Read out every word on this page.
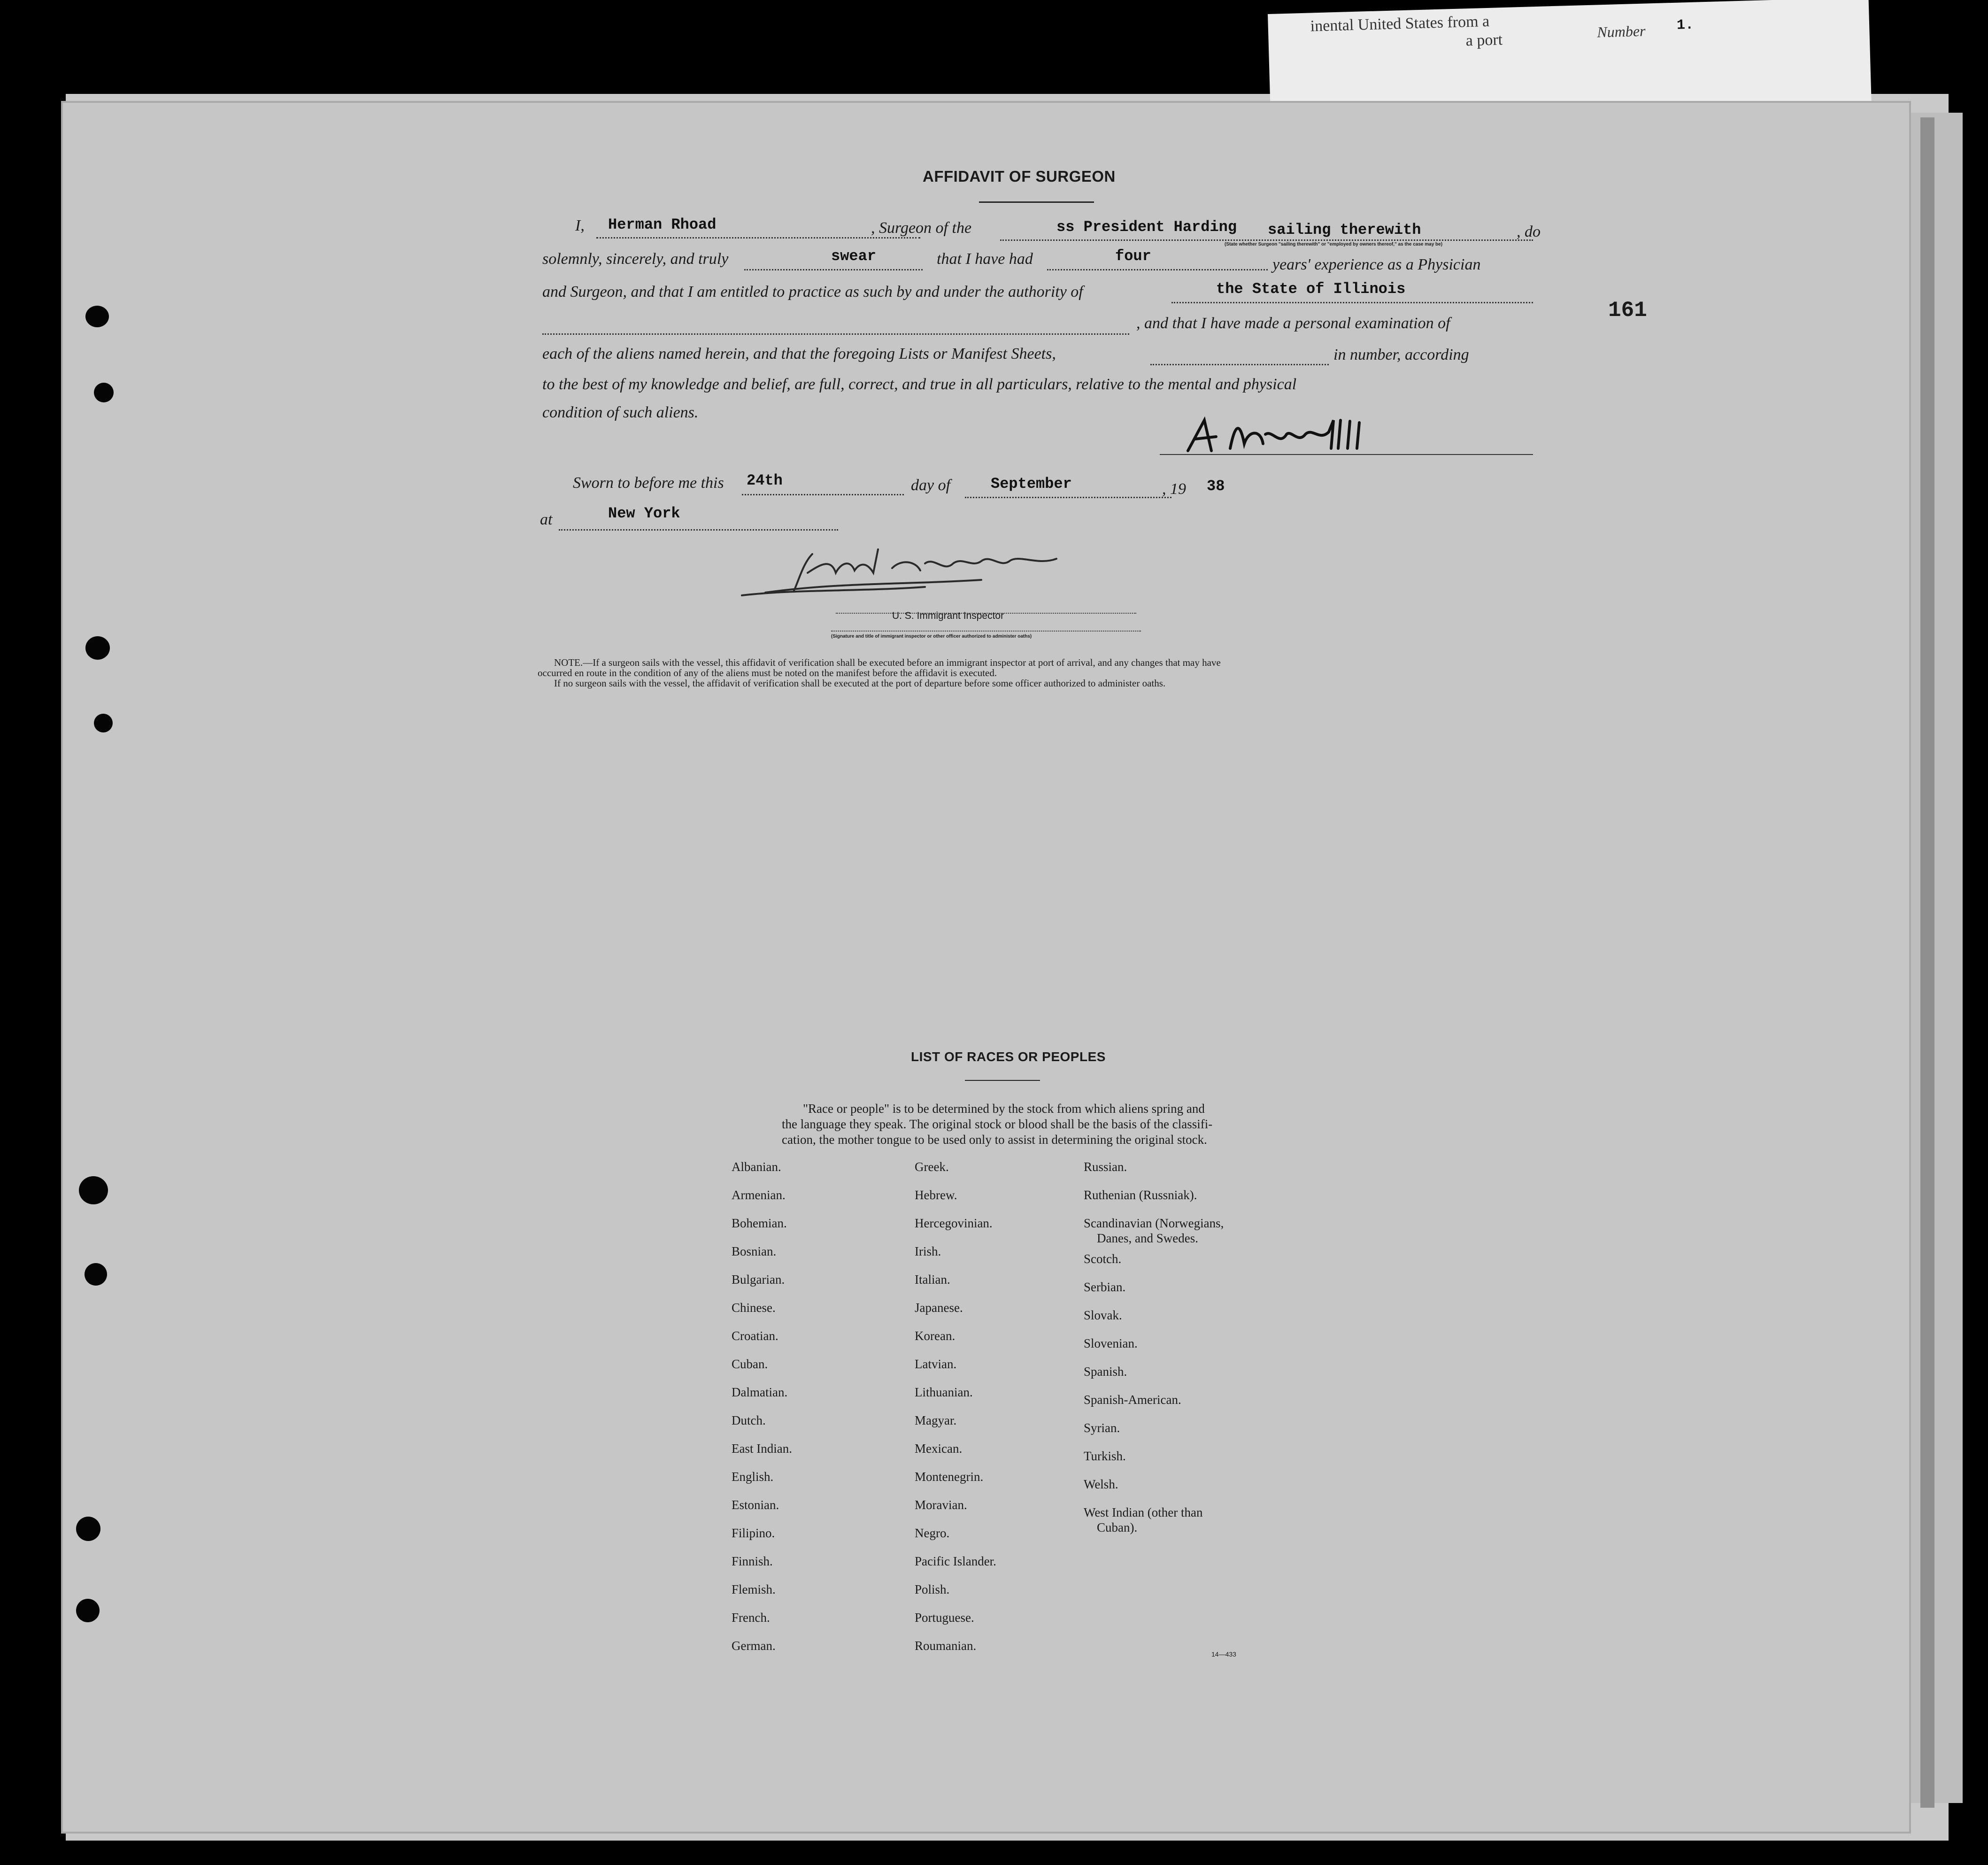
inental United States from a
a port	Number 1.
161
AFFIDAVIT OF SURGEON
I, Herman Rhoad	, Surgeon of the	ss President Harding sailing therewith	, do
(State whether Surgeon "sailing therewith" or "employed by owners thereof," as the case may be)
solemnly, sincerely, and truly	swear	that I have had	four	years' experience as a Physician
and Surgeon, and that I am entitled to practice as such by and under the authority of	the State of Illinois
, and that I have made a personal examination of
each of the aliens named herein, and that the foregoing Lists or Manifest Sheets,	in number, according
to the best of my knowledge and belief, are full, correct, and true in all particulars, relative to the mental and physical
condition of such aliens.
Sworn to before me this 24th	day of	September	, 19 38
at	New York
U. S. Immigrant Inspector
(Signature and title of immigrant inspector or other officer authorized to administer oaths)
NOTE.—If a surgeon sails with the vessel, this affidavit of verification shall be executed before an immigrant inspector at port of arrival, and any changes that may have
occurred en route in the condition of any of the aliens must be noted on the manifest before the affidavit is executed.
If no surgeon sails with the vessel, the affidavit of verification shall be executed at the port of departure before some officer authorized to administer oaths.
LIST OF RACES OR PEOPLES
"Race or people" is to be determined by the stock from which aliens spring and
the language they speak. The original stock or blood shall be the basis of the classifi-
cation, the mother tongue to be used only to assist in determining the original stock.
Albanian.
Armenian.
Bohemian.
Bosnian.
Bulgarian.
Chinese.
Croatian.
Cuban.
Dalmatian.
Dutch.
East Indian.
English.
Estonian.
Filipino.
Finnish.
Flemish.
French.
German.
Greek.
Hebrew.
Hercegovinian.
Irish.
Italian.
Japanese.
Korean.
Latvian.
Lithuanian.
Magyar.
Mexican.
Montenegrin.
Moravian.
Negro.
Pacific Islander.
Polish.
Portuguese.
Roumanian.
Russian.
Ruthenian (Russniak).
Scandinavian (Norwegians,
Danes, and Swedes.
Scotch.
Serbian.
Slovak.
Slovenian.
Spanish.
Spanish-American.
Syrian.
Turkish.
Welsh.
West Indian (other than
Cuban).
14—433
